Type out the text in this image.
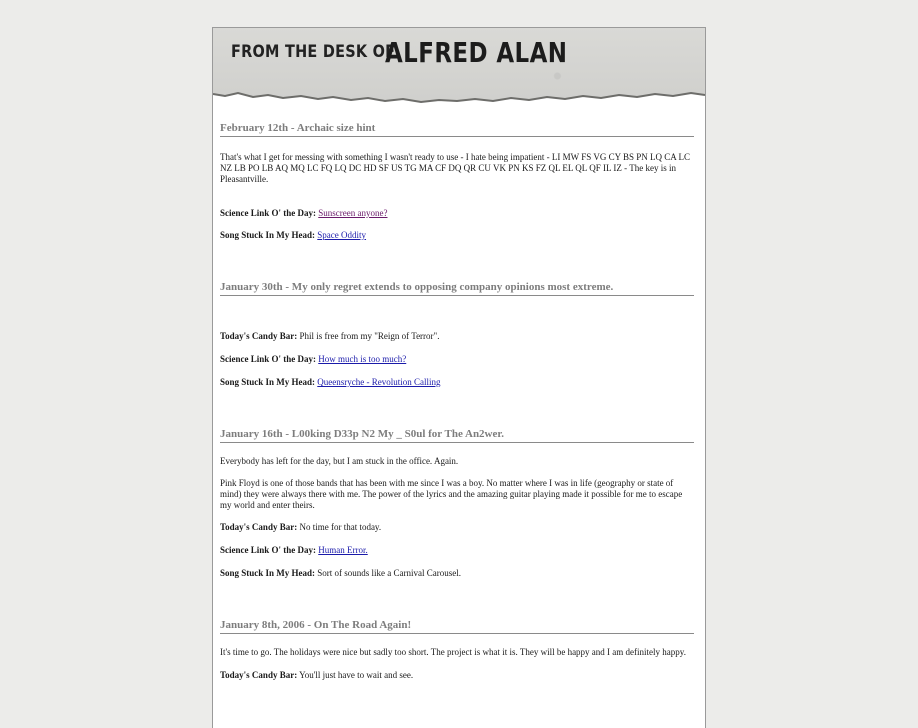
FROM THE DESK OF
ALFRED ALAN
February 12th - Archaic size hint

That's what I get for messing with something I wasn't ready to use - I hate being impatient - LI MW FS VG CY BS PN LQ CA LC NZ LB PO LB AQ MQ LC FQ LQ DC HD SF US TG MA CF DQ QR CU VK PN KS FZ QL EL QL QF IL IZ - The key is in Pleasantville.

Science Link O' the Day: Sunscreen anyone?

Song Stuck In My Head: Space Oddity

January 30th - My only regret extends to opposing company opinions most extreme.

Today's Candy Bar: Phil is free from my "Reign of Terror".

Science Link O' the Day: How much is too much?

Song Stuck In My Head: Queensryche - Revolution Calling

January 16th - L00king D33p N2 My _ S0ul for The An2wer.

Everybody has left for the day, but I am stuck in the office. Again.

Pink Floyd is one of those bands that has been with me since I was a boy. No matter where I was in life (geography or state of mind) they were always there with me. The power of the lyrics and the amazing guitar playing made it possible for me to escape my world and enter theirs.

Today's Candy Bar: No time for that today.

Science Link O' the Day: Human Error.

Song Stuck In My Head: Sort of sounds like a Carnival Carousel.

January 8th, 2006 - On The Road Again!

It's time to go. The holidays were nice but sadly too short. The project is what it is. They will be happy and I am definitely happy.

Today's Candy Bar: You'll just have to wait and see.
